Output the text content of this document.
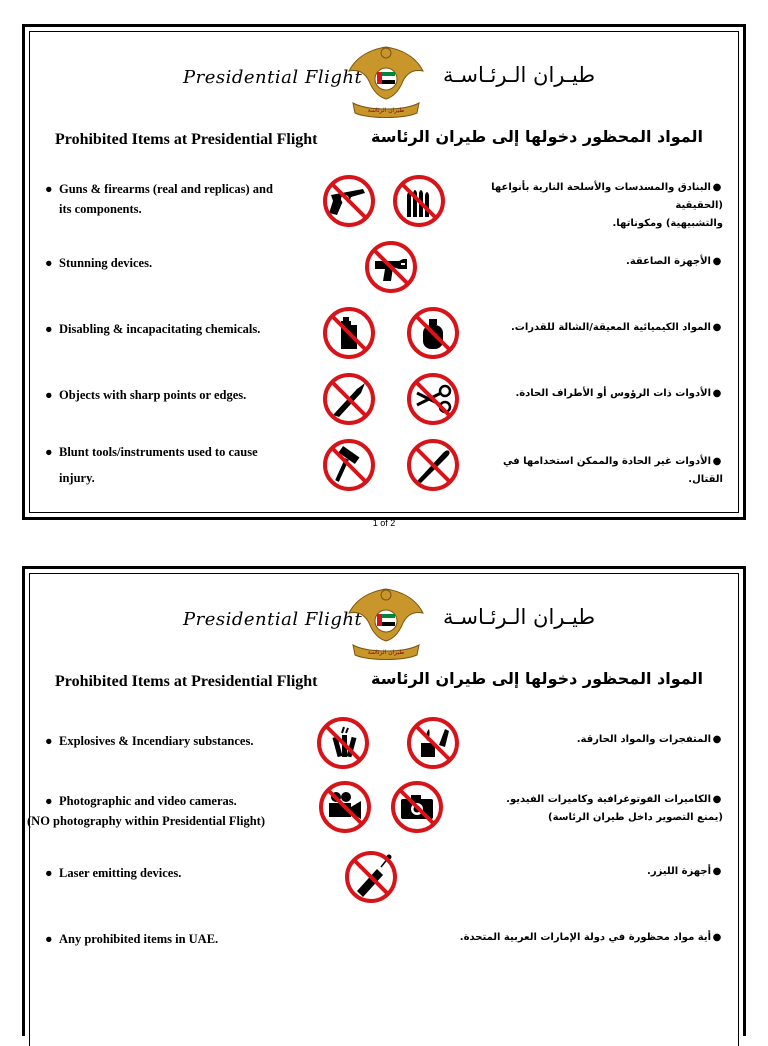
Presidential Flight
طيران الرئاسة
طيـران الـرئـاسـة
Prohibited Items at Presidential Flight	المواد المحظور دخولها إلى طيران الرئاسة
● Guns & firearms (real and replicas) and
its components.
●البنادق والمسدسات والأسلحة النارية بأنواعها (الحقيقية
والتشبيهية) ومكوناتها.
● Stunning devices.	●الأجهزة الصاعقة.
● Disabling & incapacitating chemicals.	●المواد الكيميائية المعيقة/الشالة للقدرات.
● Objects with sharp points or edges.	●الأدوات ذات الرؤوس أو الأطراف الحادة.
● Blunt tools/instruments used to cause
injury.
●الأدوات غير الحادة والممكن استخدامها في القتال.
1 of 2
Presidential Flight
طيران الرئاسة
طيـران الـرئـاسـة
Prohibited Items at Presidential Flight	المواد المحظور دخولها إلى طيران الرئاسة
● Explosives & Incendiary substances.	●المتفجرات والمواد الحارقة.
● Photographic and video cameras.
(NO photography within Presidential Flight)
●الكاميرات الفوتوغرافية وكاميرات الفيديو.
(يمنع التصوير داخل طيران الرئاسة)
● Laser emitting devices.	●أجهزة الليزر.
● Any prohibited items in UAE.	●أية مواد محظورة في دولة الإمارات العربية المتحدة.
